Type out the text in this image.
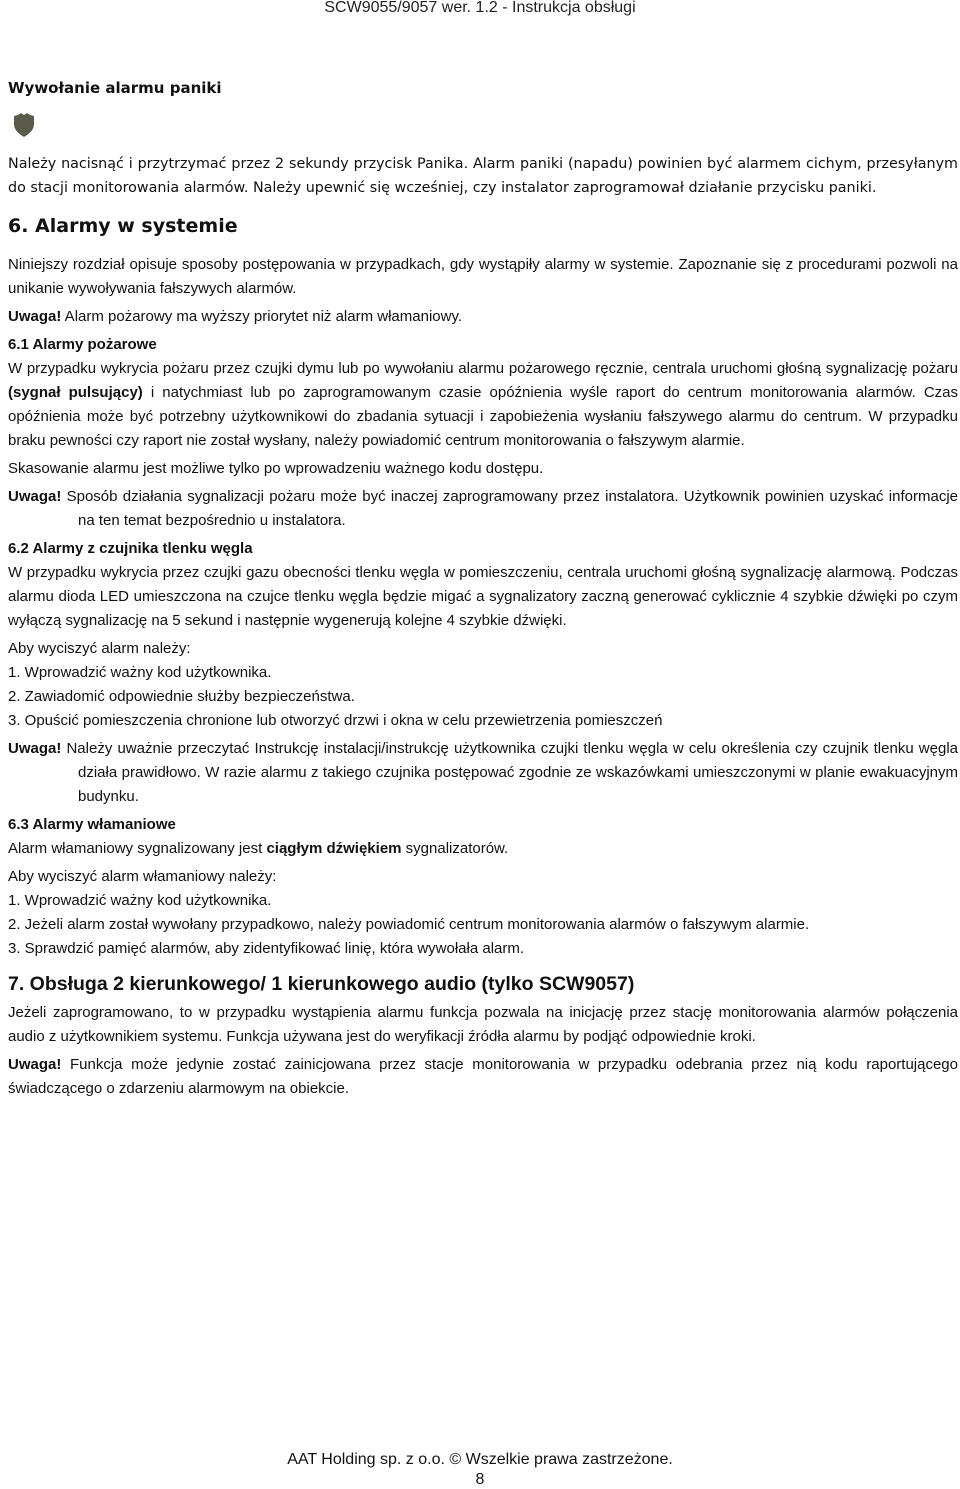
SCW9055/9057 wer. 1.2 - Instrukcja obsługi

Wywołanie alarmu paniki

Należy nacisnąć i przytrzymać przez 2 sekundy przycisk Panika. Alarm paniki (napadu) powinien być alarmem cichym, przesyłanym do stacji monitorowania alarmów. Należy upewnić się wcześniej, czy instalator zaprogramował działanie przycisku paniki.

6. Alarmy w systemie

Niniejszy rozdział opisuje sposoby postępowania w przypadkach, gdy wystąpiły alarmy w systemie. Zapoznanie się z procedurami pozwoli na unikanie wywoływania fałszywych alarmów.

Uwaga! Alarm pożarowy ma wyższy priorytet niż alarm włamaniowy.

6.1 Alarmy pożarowe

W przypadku wykrycia pożaru przez czujki dymu lub po wywołaniu alarmu pożarowego ręcznie, centrala uruchomi głośną sygnalizację pożaru (sygnał pulsujący) i natychmiast lub po zaprogramowanym czasie opóźnienia wyśle raport do centrum monitorowania alarmów. Czas opóźnienia może być potrzebny użytkownikowi do zbadania sytuacji i zapobieżenia wysłaniu fałszywego alarmu do centrum. W przypadku braku pewności czy raport nie został wysłany, należy powiadomić centrum monitorowania o fałszywym alarmie.

Skasowanie alarmu jest możliwe tylko po wprowadzeniu ważnego kodu dostępu.

Uwaga! Sposób działania sygnalizacji pożaru może być inaczej zaprogramowany przez instalatora. Użytkownik powinien uzyskać informacje na ten temat bezpośrednio u instalatora.

6.2 Alarmy z czujnika tlenku węgla

W przypadku wykrycia przez czujki gazu obecności tlenku węgla w pomieszczeniu, centrala uruchomi głośną sygnalizację alarmową. Podczas alarmu dioda LED umieszczona na czujce tlenku węgla będzie migać a sygnalizatory zaczną generować cyklicznie 4 szybkie dźwięki po czym wyłączą sygnalizację na 5 sekund i następnie wygenerują kolejne 4 szybkie dźwięki.

Aby wyciszyć alarm należy:

1. Wprowadzić ważny kod użytkownika.
2. Zawiadomić odpowiednie służby bezpieczeństwa.
3. Opuścić pomieszczenia chronione lub otworzyć drzwi i okna w celu przewietrzenia pomieszczeń

Uwaga! Należy uważnie przeczytać Instrukcję instalacji/instrukcję użytkownika czujki tlenku węgla w celu określenia czy czujnik tlenku węgla działa prawidłowo. W razie alarmu z takiego czujnika postępować zgodnie ze wskazówkami umieszczonymi w planie ewakuacyjnym budynku.

6.3 Alarmy włamaniowe

Alarm włamaniowy sygnalizowany jest ciągłym dźwiękiem sygnalizatorów.

Aby wyciszyć alarm włamaniowy należy:

1. Wprowadzić ważny kod użytkownika.
2. Jeżeli alarm został wywołany przypadkowo, należy powiadomić centrum monitorowania alarmów o fałszywym alarmie.
3. Sprawdzić pamięć alarmów, aby zidentyfikować linię, która wywołała alarm.
7. Obsługa 2 kierunkowego/ 1 kierunkowego audio (tylko SCW9057)

Jeżeli zaprogramowano, to w przypadku wystąpienia alarmu funkcja pozwala na inicjację przez stację monitorowania alarmów połączenia audio z użytkownikiem systemu. Funkcja używana jest do weryfikacji źródła alarmu by podjąć odpowiednie kroki.

Uwaga! Funkcja może jedynie zostać zainicjowana przez stacje monitorowania w przypadku odebrania przez nią kodu raportującego świadczącego o zdarzeniu alarmowym na obiekcie.

AAT Holding sp. z o.o. © Wszelkie prawa zastrzeżone.
8
